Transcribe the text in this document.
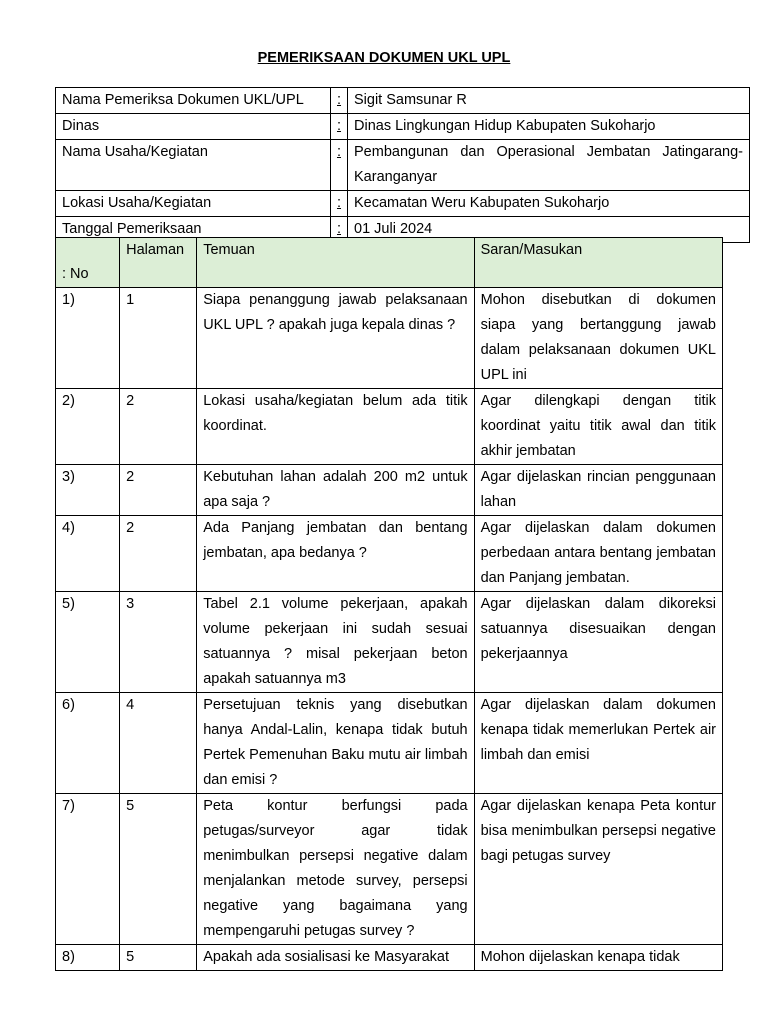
PEMERIKSAAN DOKUMEN UKL UPL
Nama Pemeriksa Dokumen UKL/UPL	:	Sigit Samsunar R
Dinas	:	Dinas Lingkungan Hidup Kabupaten Sukoharjo
Nama Usaha/Kegiatan	:	Pembangunan dan Operasional Jembatan Jatingarang-Karanganyar
Lokasi Usaha/Kegiatan	:	Kecamatan Weru Kabupaten Sukoharjo
Tanggal Pemeriksaan	:	01 Juli 2024
: No	Halaman	Temuan	Saran/Masukan
1)	1	Siapa penanggung jawab pelaksanaan UKL UPL ? apakah juga kepala dinas ?	Mohon disebutkan di dokumen siapa yang bertanggung jawab dalam pelaksanaan dokumen UKL UPL ini
2)	2	Lokasi usaha/kegiatan belum ada titik koordinat.	Agar dilengkapi dengan titik koordinat yaitu titik awal dan titik akhir jembatan
3)	2	Kebutuhan lahan adalah 200 m2 untuk apa saja ?	Agar dijelaskan rincian penggunaan lahan
4)	2	Ada Panjang jembatan dan bentang jembatan, apa bedanya ?	Agar dijelaskan dalam dokumen perbedaan antara bentang jembatan dan Panjang jembatan.
5)	3	Tabel 2.1 volume pekerjaan, apakah volume pekerjaan ini sudah sesuai satuannya ? misal pekerjaan beton apakah satuannya m3	Agar dijelaskan dalam dikoreksi satuannya disesuaikan dengan pekerjaannya
6)	4	Persetujuan teknis yang disebutkan hanya Andal-Lalin, kenapa tidak butuh Pertek Pemenuhan Baku mutu air limbah dan emisi ?	Agar dijelaskan dalam dokumen kenapa tidak memerlukan Pertek air limbah dan emisi
7)	5	Peta kontur berfungsi pada petugas/surveyor agar tidak menimbulkan persepsi negative dalam menjalankan metode survey, persepsi negative yang bagaimana yang mempengaruhi petugas survey ?	Agar dijelaskan kenapa Peta kontur bisa menimbulkan persepsi negative bagi petugas survey
8)	5	Apakah ada sosialisasi ke Masyarakat	Mohon dijelaskan kenapa tidak
